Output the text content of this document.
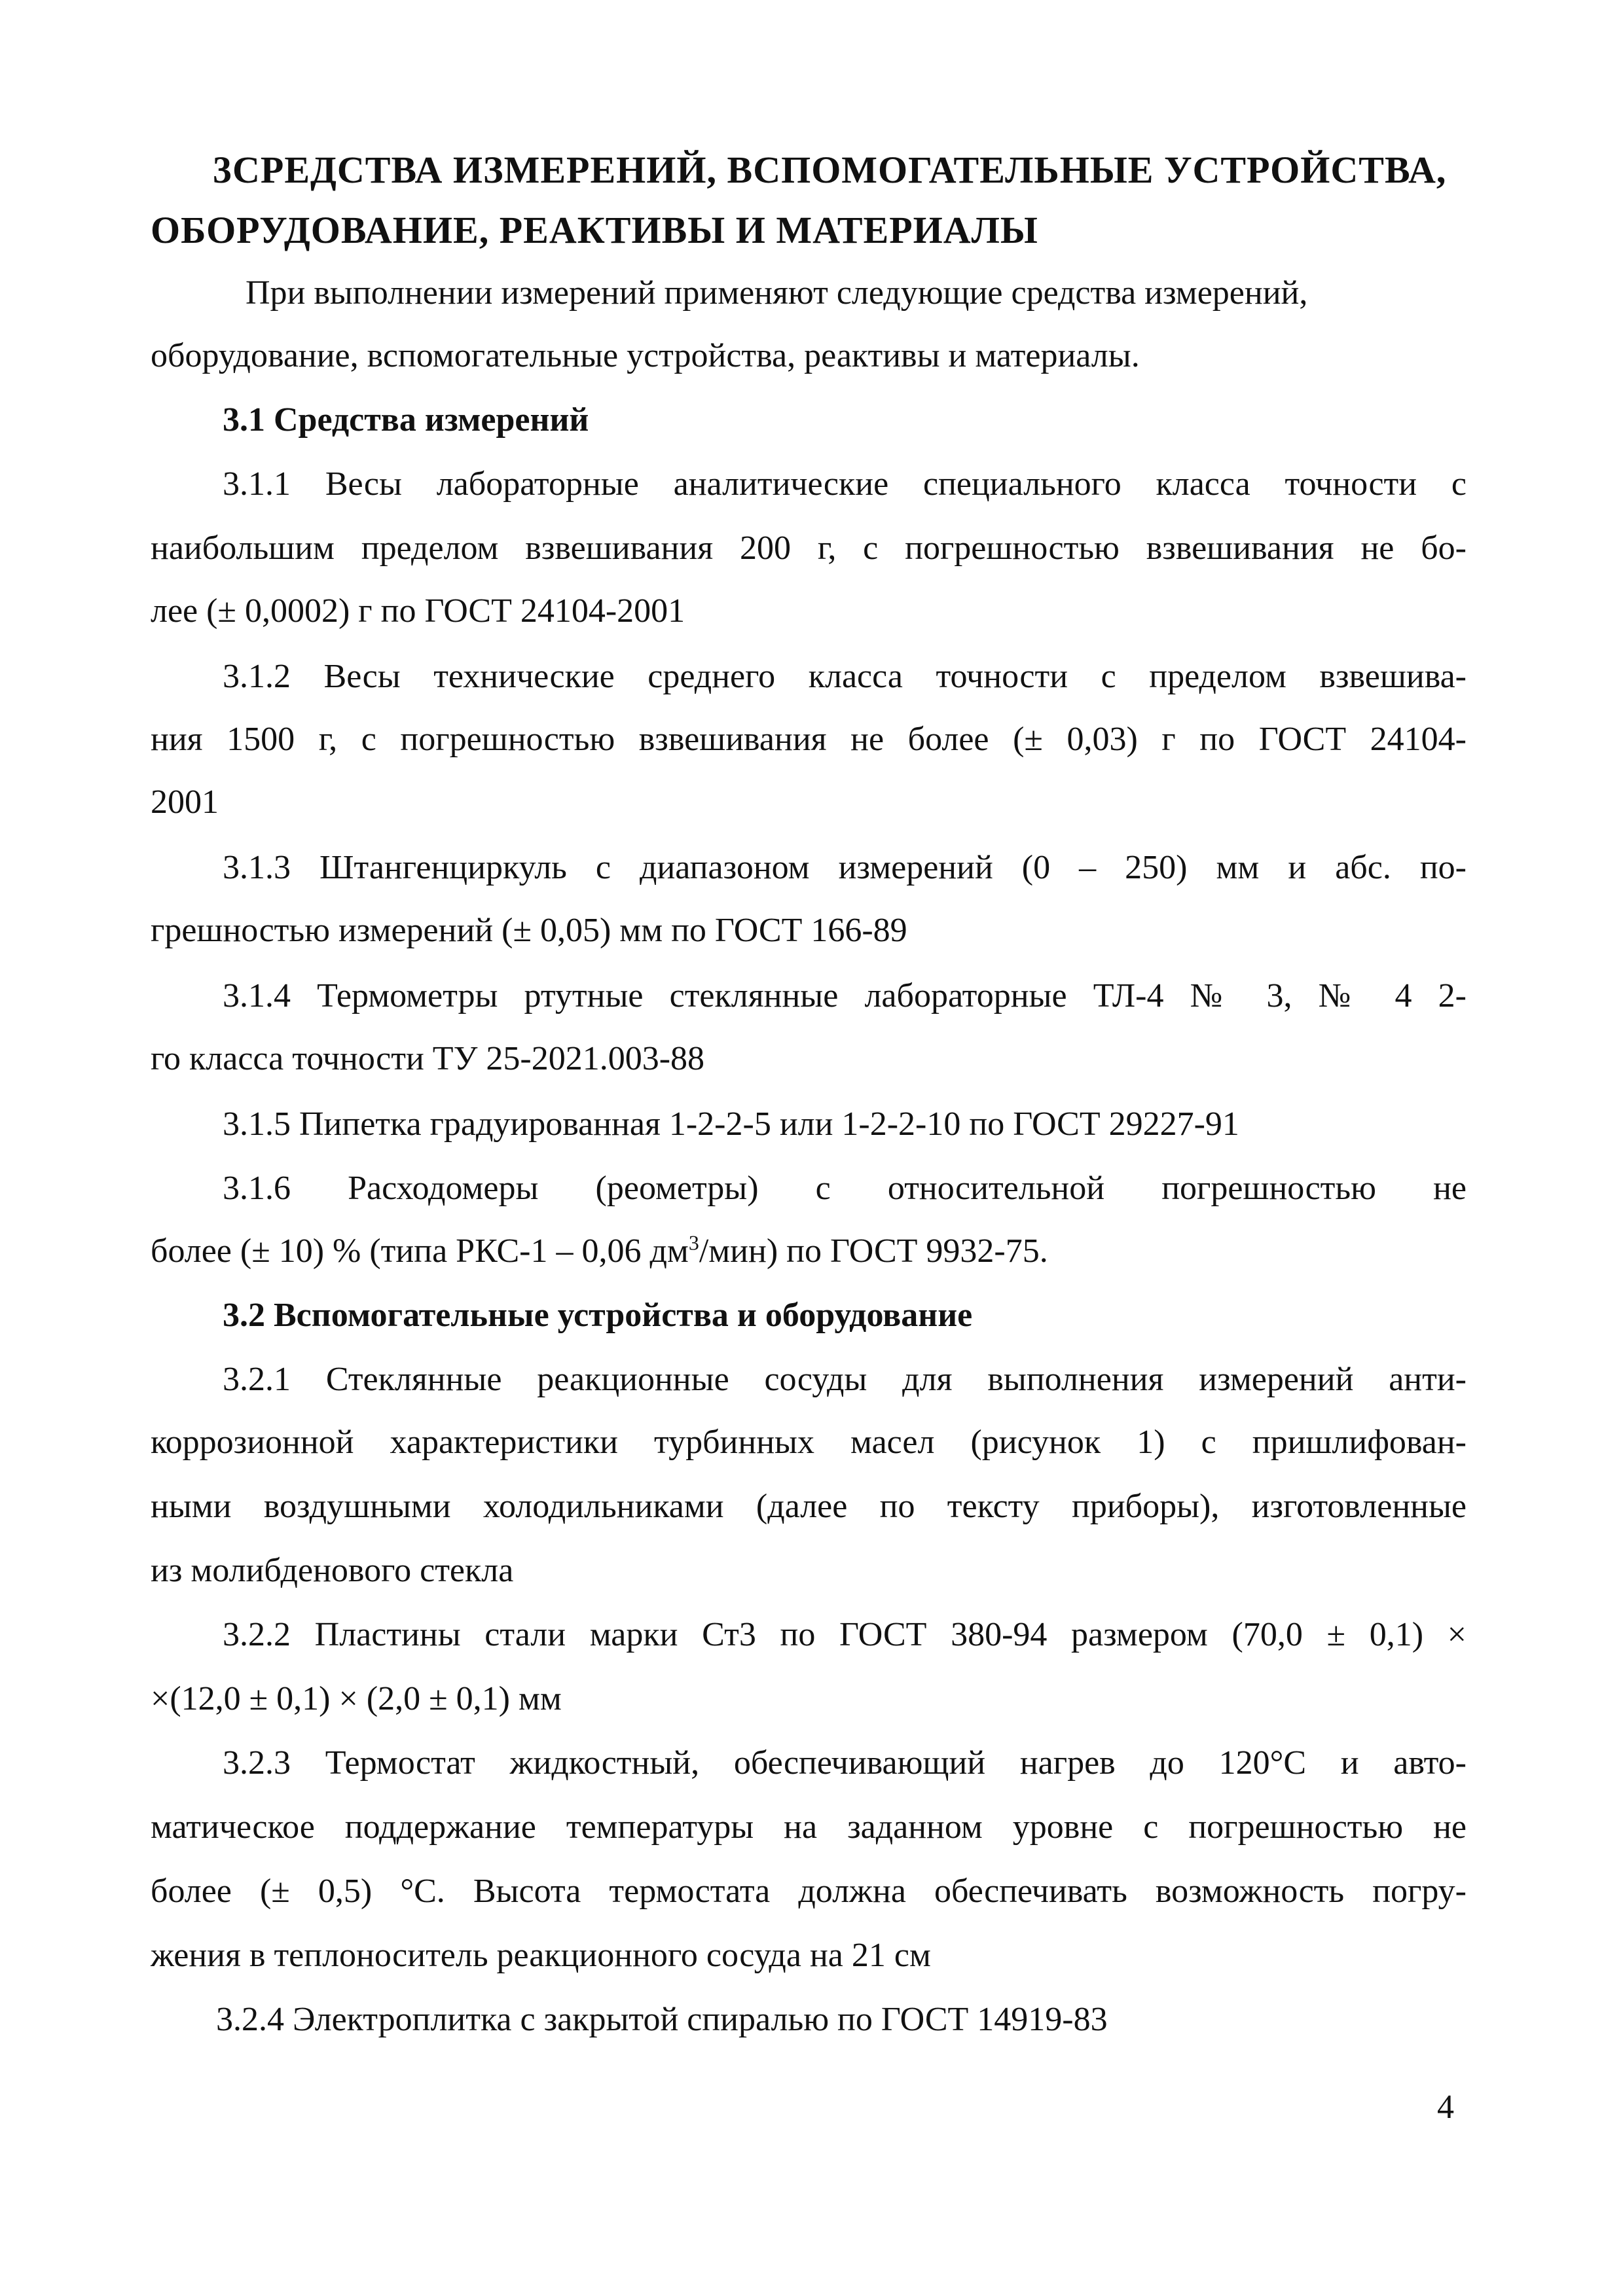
3СРЕДСТВА ИЗМЕРЕНИЙ, ВСПОМОГАТЕЛЬНЫЕ УСТРОЙСТВА,
ОБОРУДОВАНИЕ, РЕАКТИВЫ И МАТЕРИАЛЫ
При выполнении измерений применяют следующие средства измерений,
оборудование, вспомогательные устройства, реактивы и материалы.
3.1 Средства измерений
3.1.1 Весы лабораторные аналитические специального класса точности с
наибольшим пределом взвешивания 200 г, с погрешностью взвешивания не бо-
лее (± 0,0002) г по ГОСТ 24104-2001
3.1.2 Весы технические среднего класса точности с пределом взвешива-
ния 1500 г, с погрешностью взвешивания не более (± 0,03) г по ГОСТ 24104-
2001
3.1.3 Штангенциркуль с диапазоном измерений (0 – 250) мм и абс. по-
грешностью измерений (± 0,05) мм по ГОСТ 166-89
3.1.4 Термометры ртутные стеклянные лабораторные ТЛ-4 № 3, № 4 2-
го класса точности ТУ 25-2021.003-88
3.1.5 Пипетка градуированная 1-2-2-5 или 1-2-2-10 по ГОСТ 29227-91
3.1.6 Расходомеры (реометры) с относительной погрешностью не
более (± 10) % (типа РКС-1 – 0,06 $дм^3/мин$) по ГОСТ 9932-75.
3.2 Вспомогательные устройства и оборудование
3.2.1 Стеклянные реакционные сосуды для выполнения измерений анти-
коррозионной характеристики турбинных масел (рисунок 1) с пришлифован-
ными воздушными холодильниками (далее по тексту приборы), изготовленные
из молибденового стекла
3.2.2 Пластины стали марки Ст3 по ГОСТ 380-94 размером (70,0 ± 0,1) ×
×(12,0 ± 0,1) × (2,0 ± 0,1) мм
3.2.3 Термостат жидкостный, обеспечивающий нагрев до 120°С и авто-
матическое поддержание температуры на заданном уровне с погрешностью не
более (± 0,5) °С. Высота термостата должна обеспечивать возможность погру-
жения в теплоноситель реакционного сосуда на 21 см
3.2.4 Электроплитка с закрытой спиралью по ГОСТ 14919-83
4
